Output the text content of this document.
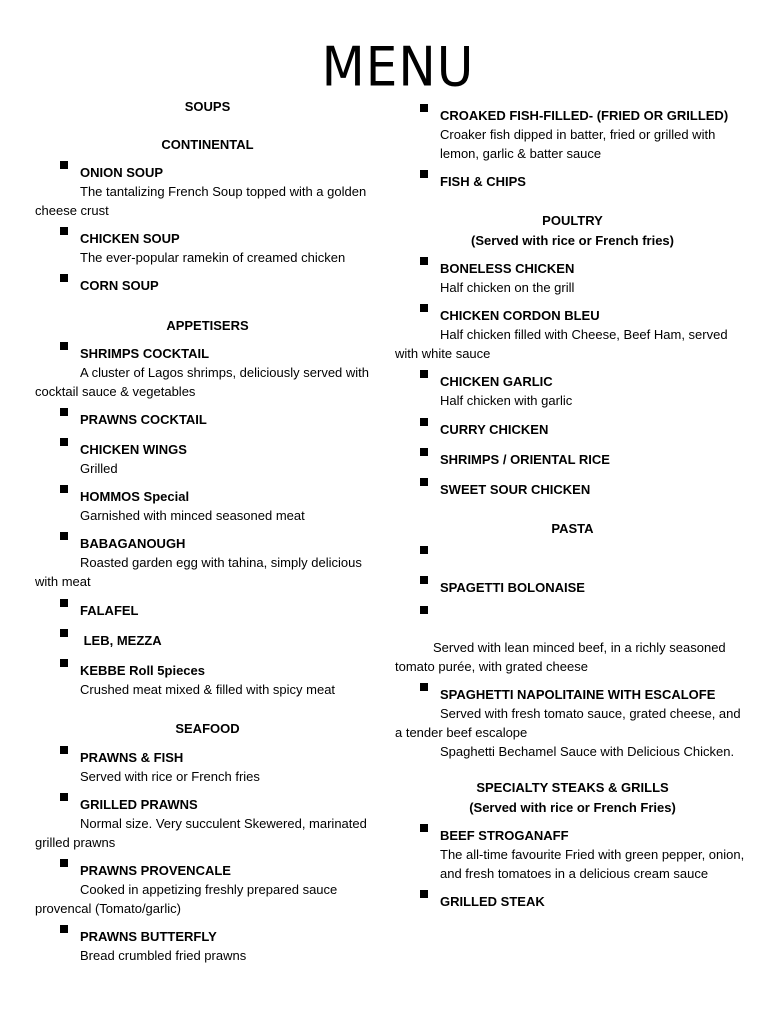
MENU
SOUPS
CONTINENTAL
ONION SOUP
The tantalizing French Soup topped with a golden cheese crust
CHICKEN SOUP
The ever-popular ramekin of creamed chicken
CORN SOUP
APPETISERS
SHRIMPS COCKTAIL
A cluster of Lagos shrimps, deliciously served with cocktail sauce & vegetables
PRAWNS COCKTAIL
CHICKEN WINGS
Grilled
HOMMOS Special
Garnished with minced seasoned meat
BABAGANOUGH
Roasted garden egg with tahina, simply delicious with meat
FALAFEL
LEB, MEZZA
KEBBE Roll 5pieces
Crushed meat mixed & filled with spicy meat
SEAFOOD
PRAWNS & FISH
Served with rice or French fries
GRILLED PRAWNS
Normal size. Very succulent Skewered, marinated grilled prawns
PRAWNS PROVENCALE
Cooked in appetizing freshly prepared sauce provencal (Tomato/garlic)
PRAWNS BUTTERFLY
Bread crumbled fried prawns
CROAKED FISH-FILLED- (FRIED OR GRILLED)
Croaker fish dipped in batter, fried or grilled with lemon, garlic & batter sauce
FISH & CHIPS
POULTRY
(Served with rice or French fries)
BONELESS CHICKEN
Half chicken on the grill
CHICKEN CORDON BLEU
Half chicken filled with Cheese, Beef Ham, served with white sauce
CHICKEN GARLIC
Half chicken with garlic
CURRY CHICKEN
SHRIMPS / ORIENTAL RICE
SWEET SOUR CHICKEN
PASTA
SPAGETTI BOLONAISE
Served with lean minced beef, in a richly seasoned tomato purée, with grated cheese
SPAGHETTI NAPOLITAINE WITH ESCALOFE
Served with fresh tomato sauce, grated cheese, and a tender beef escalope
Spaghetti Bechamel Sauce with Delicious Chicken.
SPECIALTY STEAKS & GRILLS
(Served with rice or French Fries)
BEEF STROGANAFF
The all-time favourite Fried with green pepper, onion, and fresh tomatoes in a delicious cream sauce
GRILLED STEAK
